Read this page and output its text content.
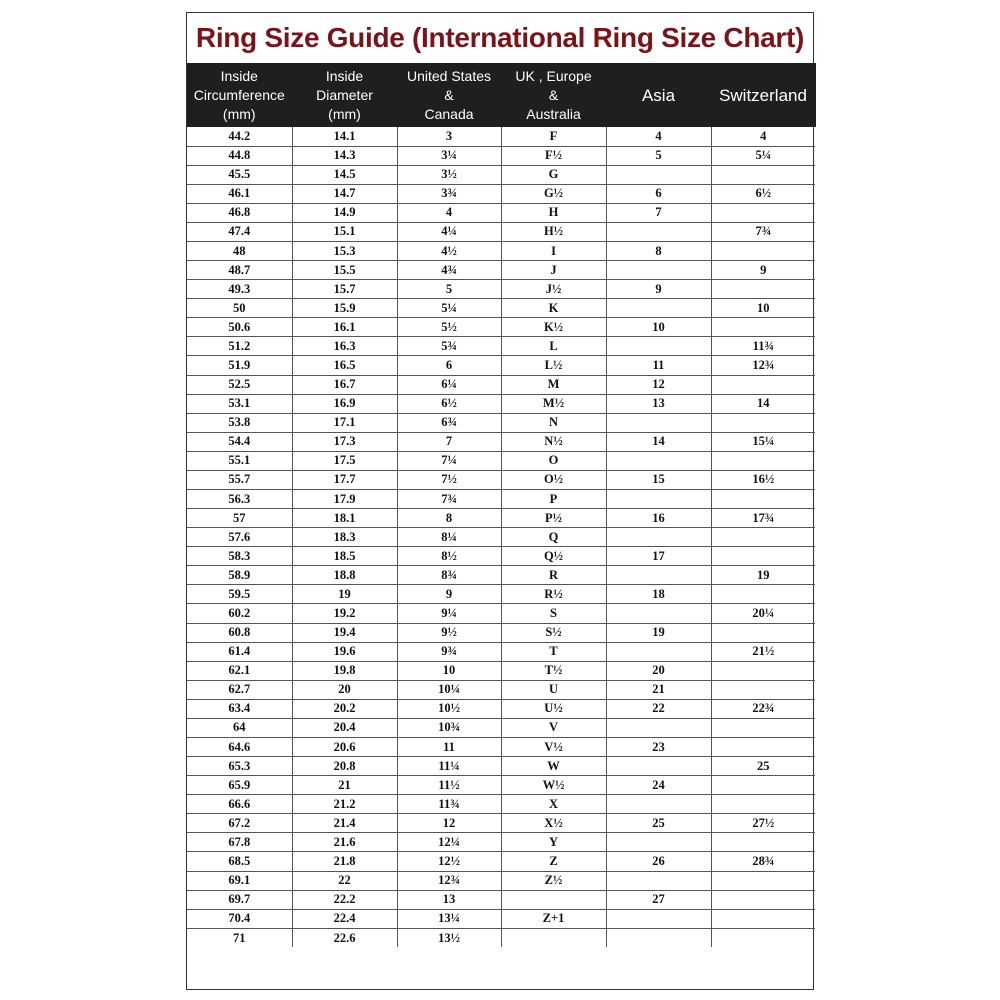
Ring Size Guide (International Ring Size Chart)
Inside
Circumference
(mm)	Inside
Diameter
(mm)	United States
&
Canada	UK , Europe
&
Australia	Asia	Switzerland

44.2	14.1	3	F	4	4
44.8	14.3	3¼	F½	5	5¼
45.5	14.5	3½	G		
46.1	14.7	3¾	G½	6	6½
46.8	14.9	4	H	7	
47.4	15.1	4¼	H½		7¾
48	15.3	4½	I	8	
48.7	15.5	4¾	J		9
49.3	15.7	5	J½	9	
50	15.9	5¼	K		10
50.6	16.1	5½	K½	10	
51.2	16.3	5¾	L		11¾
51.9	16.5	6	L½	11	12¾
52.5	16.7	6¼	M	12	
53.1	16.9	6½	M½	13	14
53.8	17.1	6¾	N		
54.4	17.3	7	N½	14	15¼
55.1	17.5	7¼	O		
55.7	17.7	7½	O½	15	16½
56.3	17.9	7¾	P		
57	18.1	8	P½	16	17¾
57.6	18.3	8¼	Q		
58.3	18.5	8½	Q½	17	
58.9	18.8	8¾	R		19
59.5	19	9	R½	18	
60.2	19.2	9¼	S		20¼
60.8	19.4	9½	S½	19	
61.4	19.6	9¾	T		21½
62.1	19.8	10	T½	20	
62.7	20	10¼	U	21	
63.4	20.2	10½	U½	22	22¾
64	20.4	10¾	V		
64.6	20.6	11	V½	23	
65.3	20.8	11¼	W		25
65.9	21	11½	W½	24	
66.6	21.2	11¾	X		
67.2	21.4	12	X½	25	27½
67.8	21.6	12¼	Y		
68.5	21.8	12½	Z	26	28¾
69.1	22	12¾	Z½		
69.7	22.2	13		27	
70.4	22.4	13¼	Z+1		
71	22.6	13½			
